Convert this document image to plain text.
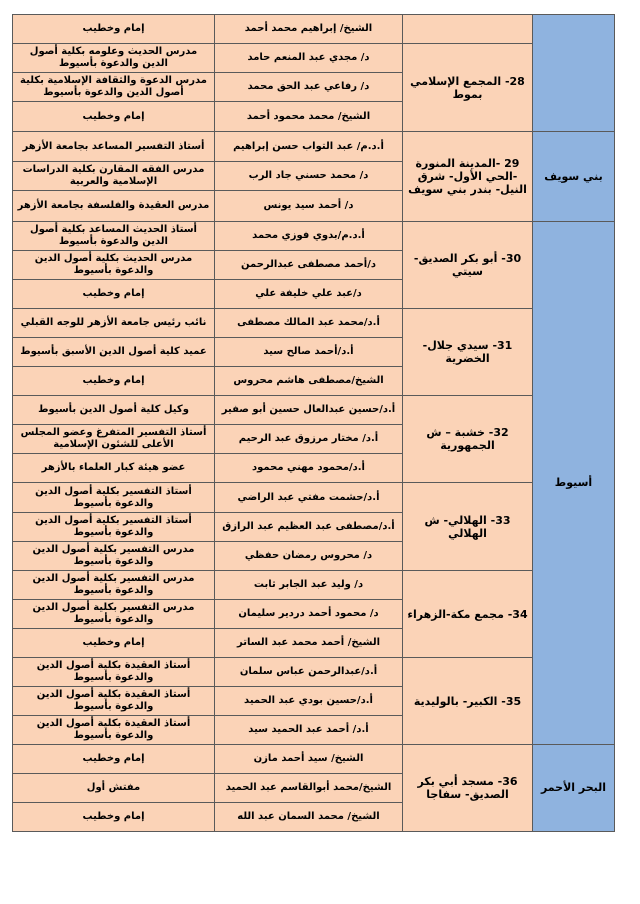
		الشيخ/ إبراهيم محمد أحمد	إمام وخطيب
	28- المجمع الإسلامي بموط	د/ مجدي عبد المنعم حامد	مدرس الحديث وعلومه بكلية أصول الدين والدعوة بأسيوط
		د/ رفاعي عبد الحق محمد	مدرس الدعوة والثقافة الإسلامية بكلية أصول الدين والدعوة بأسيوط
		الشيخ/ محمد محمود أحمد	إمام وخطيب
بني سويف	29 -المدينة المنورة -الحي الأول- شرق النيل- بندر بني سويف	أ.د.م/ عبد التواب حسن إبراهيم	أستاذ التفسير المساعد بجامعة الأزهر
		د/ محمد حسني جاد الرب	مدرس الفقه المقارن بكلية الدراسات الإسلامية والعربية
		د/ أحمد سيد يونس	مدرس العقيدة والفلسفة بجامعة الأزهر
أسيوط	30- أبو بكر الصديق- سيتي	أ.د.م/بدوي فوزي محمد	أستاذ الحديث المساعد بكلية أصول الدين والدعوة بأسيوط
		د/أحمد مصطفى عبدالرحمن	مدرس الحديث بكلية أصول الدين والدعوة بأسيوط
		د/عبد علي خليفة علي	إمام وخطيب
	31- سيدي جلال-الخضرية	أ.د/محمد عبد المالك مصطفى	نائب رئيس جامعة الأزهر للوجه القبلي
		أ.د/أحمد صالح سيد	عميد كلية أصول الدين الأسبق بأسيوط
		الشيخ/مصطفى هاشم محروس	إمام وخطيب
	32- خشبة – ش الجمهورية	أ.د/حسين عبدالعال حسين أبو صفير	وكيل كلية أصول الدين بأسيوط
		أ.د/ مختار مرزوق عبد الرحيم	أستاذ التفسير المتفرغ وعضو المجلس الأعلى للشئون الإسلامية
		أ.د/محمود مهني محمود	عضو هيئة كبار العلماء بالأزهر
	33- الهلالي- ش الهلالي	أ.د/حشمت مفتي عبد الراضي	أستاذ التفسير بكلية أصول الدين والدعوة بأسيوط
		أ.د/مصطفى عبد العظيم عبد الرازق	أستاذ التفسير بكلية أصول الدين والدعوة بأسيوط
		د/ محروس رمضان حفظي	مدرس التفسير بكلية أصول الدين والدعوة بأسيوط
	34- مجمع مكة-الزهراء	د/ وليد عبد الجابر ثابت	مدرس التفسير بكلية أصول الدين والدعوة بأسيوط
		د/ محمود أحمد دردير سليمان	مدرس التفسير بكلية أصول الدين والدعوة بأسيوط
		الشيخ/ أحمد محمد عبد الساتر	إمام وخطيب
	35- الكبير- بالوليدية	أ.د/عبدالرحمن عباس سلمان	أستاذ العقيدة بكلية أصول الدين والدعوة بأسيوط
		أ.د/حسين بودي عبد الحميد	أستاذ العقيدة بكلية أصول الدين والدعوة بأسيوط
		أ.د/ أحمد عبد الحميد سيد	أستاذ العقيدة بكلية أصول الدين والدعوة بأسيوط
البحر الأحمر	36- مسجد أبي بكر الصديق- سفاجا	الشيخ/ سيد أحمد مازن	إمام وخطيب
		الشيخ/محمد أبوالقاسم عبد الحميد	مفتش أول
		الشيخ/ محمد السمان عبد الله	إمام وخطيب
